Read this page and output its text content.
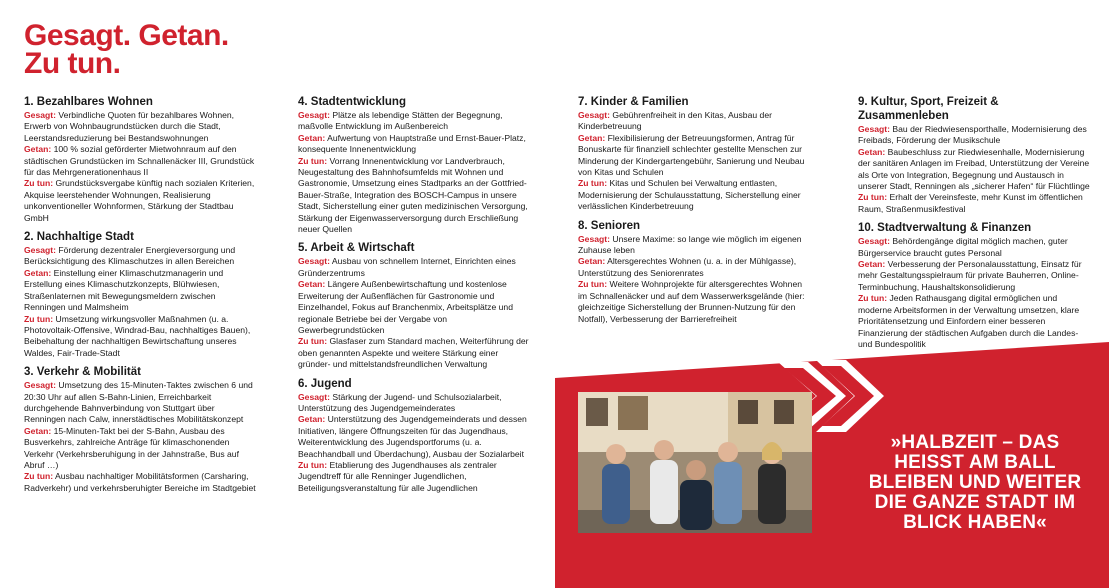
Gesagt. Getan.
Zu tun.
1. Bezahlbares Wohnen

Gesagt: Verbindliche Quoten für bezahlbares Wohnen, Erwerb von Wohnbaugrundstücken durch die Stadt, Leerstandsreduzierung bei Bestandswohnungen
Getan: 100 % sozial geförderter Mietwohnraum auf den städtischen Grundstücken im Schnallenäcker III, Grundstück für das Mehrgenerationenhaus II
Zu tun: Grundstücksvergabe künftig nach sozialen Kriterien, Akquise leerstehender Wohnungen, Realisierung unkonventioneller Wohnformen, Stärkung der Stadtbau GmbH

2. Nachhaltige Stadt

Gesagt: Förderung dezentraler Energieversorgung und Berücksichtigung des Klimaschutzes in allen Bereichen
Getan: Einstellung einer Klimaschutzmanagerin und Erstellung eines Klimaschutzkonzepts, Blühwiesen, Straßenlaternen mit Bewegungsmeldern zwischen Renningen und Malmsheim
Zu tun: Umsetzung wirkungsvoller Maßnahmen (u. a. Photovoltaik-Offensive, Windrad-Bau, nachhaltiges Bauen), Beibehaltung der nachhaltigen Bewirtschaftung unseres Waldes, Fair-Trade-Stadt

3. Verkehr & Mobilität

Gesagt: Umsetzung des 15-Minuten-Taktes zwischen 6 und 20:30 Uhr auf allen S-Bahn-Linien, Erreichbarkeit durchgehende Bahnverbindung von Stuttgart über Renningen nach Calw, innerstädtisches Mobilitätskonzept
Getan: 15-Minuten-Takt bei der S-Bahn, Ausbau des Busverkehrs, zahlreiche Anträge für klimaschonenden Verkehr (Verkehrsberuhigung in der Jahnstraße, Bus auf Abruf …)
Zu tun: Ausbau nachhaltiger Mobilitätsformen (Carsharing, Radverkehr) und verkehrsberuhigter Bereiche im Stadtgebiet

4. Stadtentwicklung

Gesagt: Plätze als lebendige Stätten der Begegnung, maßvolle Entwicklung im Außenbereich
Getan: Aufwertung von Hauptstraße und Ernst-Bauer-Platz, konsequente Innenentwicklung
Zu tun: Vorrang Innenentwicklung vor Landverbrauch, Neugestaltung des Bahnhofsumfelds mit Wohnen und Gastronomie, Umsetzung eines Stadtparks an der Gottfried-Bauer-Straße, Integration des BOSCH-Campus in unsere Stadt, Sicherstellung einer guten medizinischen Versorgung, Stärkung der Eigenwasserversorgung durch Erschließung neuer Quellen

5. Arbeit & Wirtschaft

Gesagt: Ausbau von schnellem Internet, Einrichten eines Gründerzentrums
Getan: Längere Außenbewirtschaftung und kostenlose Erweiterung der Außenflächen für Gastronomie und Einzelhandel, Fokus auf Branchenmix, Arbeitsplätze und regionale Betriebe bei der Vergabe von Gewerbegrundstücken
Zu tun: Glasfaser zum Standard machen, Weiterführung der oben genannten Aspekte und weitere Stärkung einer gründer- und mittelstandsfreundlichen Verwaltung

6. Jugend

Gesagt: Stärkung der Jugend- und Schulsozialarbeit, Unterstützung des Jugendgemeinderates
Getan: Unterstützung des Jugendgemeinderats und dessen Initiativen, längere Öffnungszeiten für das Jugendhaus, Weiterentwicklung des Jugendsportforums (u. a. Beachhandball und Überdachung), Ausbau der Sozialarbeit
Zu tun: Etablierung des Jugendhauses als zentraler Jugendtreff für alle Renninger Jugendlichen, Beteiligungsveranstaltung für alle Jugendlichen

7. Kinder & Familien

Gesagt: Gebührenfreiheit in den Kitas, Ausbau der Kinderbetreuung
Getan: Flexibilisierung der Betreuungsformen, Antrag für Bonuskarte für finanziell schlechter gestellte Menschen zur Minderung der Kindergartengebühr, Sanierung und Neubau von Kitas und Schulen
Zu tun: Kitas und Schulen bei Verwaltung entlasten, Modernisierung der Schulausstattung, Sicherstellung einer verlässlichen Kinderbetreuung

8. Senioren

Gesagt: Unsere Maxime: so lange wie möglich im eigenen Zuhause leben
Getan: Altersgerechtes Wohnen (u. a. in der Mühlgasse), Unterstützung des Seniorenrates
Zu tun: Weitere Wohnprojekte für altersgerechtes Wohnen im Schnallenäcker und auf dem Wasserwerksgelände (hier: gleichzeitige Sicherstellung der Brunnen-Nutzung für den Notfall), Verbesserung der Barrierefreiheit

9. Kultur, Sport, Freizeit & Zusammenleben

Gesagt: Bau der Riedwiesensporthalle, Modernisierung des Freibads, Förderung der Musikschule
Getan: Baubeschluss zur Riedwiesenhalle, Modernisierung der sanitären Anlagen im Freibad, Unterstützung der Vereine als Orte von Integration, Begegnung und Austausch in unserer Stadt, Renningen als „sicherer Hafen“ für Flüchtlinge
Zu tun: Erhalt der Vereinsfeste, mehr Kunst im öffentlichen Raum, Straßenmusikfestival

10. Stadtverwaltung & Finanzen

Gesagt: Behördengänge digital möglich machen, guter Bürgerservice braucht gutes Personal
Getan: Verbesserung der Personalausstattung, Einsatz für mehr Gestaltungsspielraum für private Bauherren, Online-Terminbuchung, Haushaltskonsolidierung
Zu tun: Jeden Rathausgang digital ermöglichen und moderne Arbeitsformen in der Verwaltung umsetzen, klare Prioritätensetzung und Einfordern einer besseren Finanzierung der städtischen Aufgaben durch die Landes- und Bundespolitik

»HALBZEIT – DAS HEISST AM BALL BLEIBEN UND WEITER DIE GANZE STADT IM BLICK HABEN«
